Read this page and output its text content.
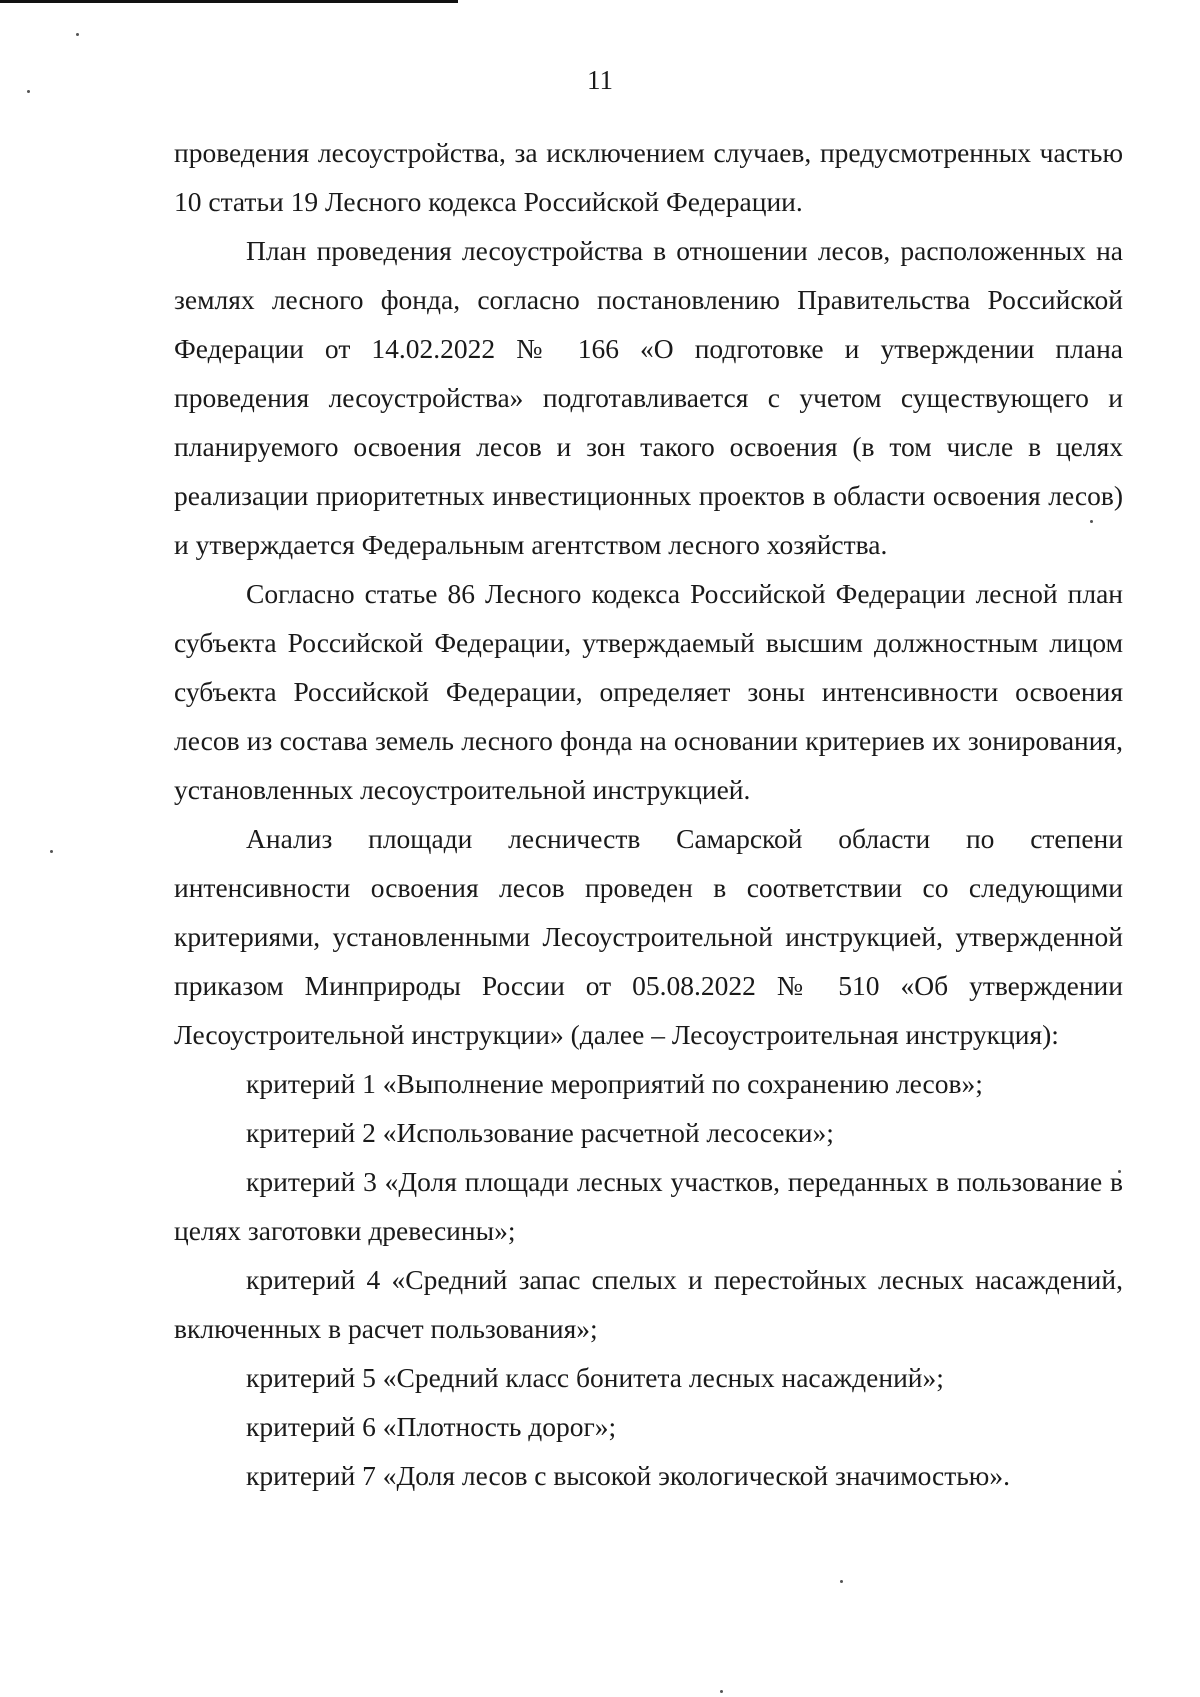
11

проведения лесоустройства, за исключением случаев, предусмотренных частью 10 статьи 19 Лесного кодекса Российской Федерации.

План проведения лесоустройства в отношении лесов, расположенных на землях лесного фонда, согласно постановлению Правительства Российской Федерации от 14.02.2022 № 166 «О подготовке и утверждении плана проведения лесоустройства» подготавливается с учетом существующего и планируемого освоения лесов и зон такого освоения (в том числе в целях реализации приоритетных инвестиционных проектов в области освоения лесов) и утверждается Федеральным агентством лесного хозяйства.

Согласно статье 86 Лесного кодекса Российской Федерации лесной план субъекта Российской Федерации, утверждаемый высшим должностным лицом субъекта Российской Федерации, определяет зоны интенсивности освоения лесов из состава земель лесного фонда на основании критериев их зонирования, установленных лесоустроительной инструкцией.

Анализ площади лесничеств Самарской области по степени интенсивности освоения лесов проведен в соответствии со следующими критериями, установленными Лесоустроительной инструкцией, утвержденной приказом Минприроды России от 05.08.2022 № 510 «Об утверждении Лесоустроительной инструкции» (далее – Лесоустроительная инструкция):

критерий 1 «Выполнение мероприятий по сохранению лесов»;

критерий 2 «Использование расчетной лесосеки»;

критерий 3 «Доля площади лесных участков, переданных в пользование в целях заготовки древесины»;

критерий 4 «Средний запас спелых и перестойных лесных насаждений, включенных в расчет пользования»;

критерий 5 «Средний класс бонитета лесных насаждений»;

критерий 6 «Плотность дорог»;

критерий 7 «Доля лесов с высокой экологической значимостью».
